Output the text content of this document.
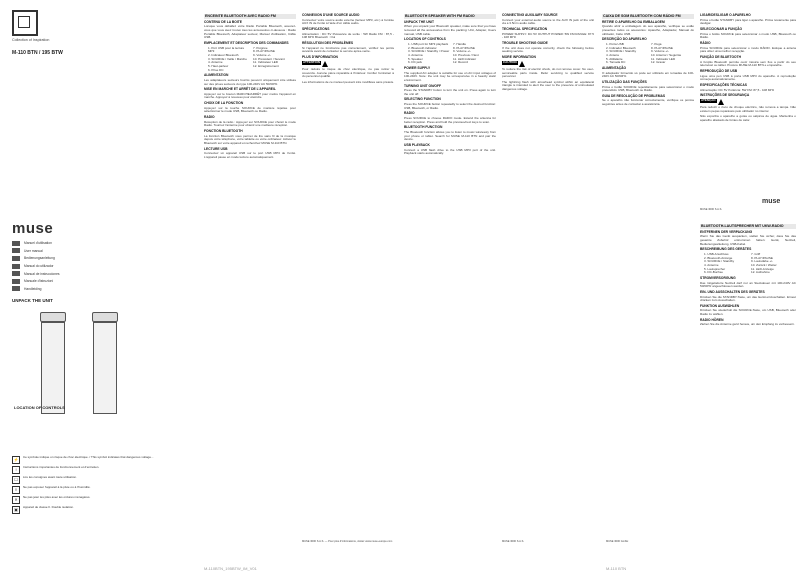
Collection of Inspiration
M-110 BTN / 195 BTW
muse
Manuel d'utilisation
User manual
Bedienungsanleitung
Manual do utilizador
Manual de instrucciones
Manuale d'istruzioni
Handleiding
UNPACK THE UNIT
LOCATION OF CONTROLS
⚡	Ce symbole indique un risque de choc électrique. / This symbol indicates that dangerous voltage...
!	Instructions importantes de fonctionnement et d'entretien.
☐	Lire les consignes avant toute utilisation.
◊	Ne pas exposer l'appareil à la pluie ou à l'humidité.
✕	Ne pas jeter les piles avec les ordures ménagères.
▣	Appareil de classe II. Double isolation.
ENCEINTE BLUETOOTH AVEC RADIO FM
CONTENU DE LA BOITE

Lorsque vous déballez votre Radio Portable Bluetooth, assurez-vous que vous avez trouvé tous les accessoires ci-dessous : Radio Portable Bluetooth, Adaptateur secteur, Manuel d'utilisation, Câble USB.

EMPLACEMENT ET DESCRIPTION DES COMMANDES
1. Port USB pour la lecture MP3
2. Indicateur Bluetooth
3. SOURCE / Veille / Marche
4. Antenne
5. Haut-parleur
6. Prise DC
7. Poignée
8. PLAY/PAUSE
9. Volume +/-
10. Précédent / Suivant
11. Indicateur LED
12. Enregistrement
ALIMENTATION

Les adaptateurs secteurs fournis peuvent uniquement être utilisés sur des prises secteurs du type 100-240V AC 50/60Hz.

MISE EN MARCHE ET ARRÊT DE L'APPAREIL

Appuyez sur le bouton MARCHE/ARRÊT pour mettre l'appareil en marche. Appuyez à nouveau pour éteindre.

CHOIX DE LA FONCTION

Appuyez sur la touche SOURCE de manière répétée pour sélectionner le mode USB, Bluetooth ou Radio.

RADIO

Réception de la radio : Appuyez sur SOURCE pour choisir le mode Radio. Tournez l'antenne pour obtenir une meilleure réception.

FONCTION BLUETOOTH

La fonction Bluetooth vous permet de lire sans fil de la musique depuis votre téléphone, votre tablette ou votre ordinateur. Activez le Bluetooth sur votre appareil et recherchez MUSE M-110 BTN.

LECTURE USB

Connectez un appareil USB sur le port USB MP3 de l'unité. L'appareil passe en mode lecture automatiquement.

CONNEXION D'UNE SOURCE AUDIO

Connectez votre source audio externe (lecteur MP3, etc.) à l'entrée AUX IN de l'unité à l'aide d'un câble audio.

SPÉCIFICATIONS

Alimentation : DC 5V Puissance de sortie : 5W Radio FM : 87,5 - 108 MHz Bluetooth : Oui

RÉSOLUTION DES PROBLÈMES

Si l'appareil ne fonctionne pas correctement, vérifiez les points suivants avant de contacter le service après-vente.

PLUS D'INFORMATION
ATTENTION

Pour réduire le risque de choc électrique, ne pas retirer le couvercle. Aucune pièce réparable à l'intérieur. Confier l'entretien à du personnel qualifié.

Les informations de ce manuel peuvent être modifiées sans préavis.

MUSE 3000 S.A.S. — Pour plus d'informations, visitez www.muse-europe.com
BLUETOOTH SPEAKER WITH FM RADIO
UNPACK THE UNIT

When you unpack your Bluetooth speaker, make sure that you have removed all the accessories from the packing: Unit, Adapter, Users manual, USB cable.

LOCATION OF CONTROLS
1. USB port for MP3 playback
2. Bluetooth indicator
3. SOURCE / Standby / Power
4. Antenna
5. Speaker
6. DC jack
7. Handle
8. PLAY/PAUSE
9. Volume +/-
10. Previous / Next
11. LED indicator
12. Record
POWER SUPPLY

The supplied AC adapter is suitable for use on AC input voltages of 100-240V. Note: the unit may be unresponsive in a heavily static environment.

TURNING UNIT ON/OFF

Press the STANDBY button to turn the unit on. Press again to turn the unit off.

SELECTING FUNCTION

Press the SOURCE button repeatedly to select the desired function: USB, Bluetooth, or Radio.

RADIO

Press SOURCE to choose RADIO mode. Extend the antenna for better reception. Press and hold the previous/next keys to scan.

BLUETOOTH FUNCTION

The Bluetooth function allows you to listen to music wirelessly from your phone or tablet. Search for MUSE M-110 BTN and pair the device.

USB PLAYBACK

Connect a USB flash drive to the USB MP3 port of the unit. Playback starts automatically.

CONNECTING AUXILIARY SOURCE

Connect your external audio source to the AUX IN jack of the unit via a 3.5mm audio cable.

TECHNICAL SPECIFICATION

POWER SUPPLY: DC 5V OUTPUT POWER: 5W FM RANGE: 87.5 - 108 MHz

TROUBLE SHOOTING GUIDE

If the unit does not operate correctly, check the following before seeking service.

MORE INFORMATION
CAUTION

To reduce the risk of electric shock, do not remove cover. No user-serviceable parts inside. Refer servicing to qualified service personnel.

The lightning flash with arrowhead symbol within an equilateral triangle is intended to alert the user to the presence of uninsulated dangerous voltage.

MUSE 3000 S.A.S.
M-110BTN_195BTW_IM_V01
CAIXA DE SOM BLUETOOTH COM RÁDIO FM
RETIRE O APARELHO DA EMBALAGEM

Quando abrir a embalagem do seu aparelho, verifique se estão presentes todos os acessórios: Aparelho, Adaptador, Manual do utilizador, Cabo USB.

DESCRIÇÃO DO APARELHO
1. Porta USB
2. Indicador Bluetooth
3. SOURCE / Standby
4. Antena
5. Altifalante
6. Tomada DC
7. Pega
8. PLAY/PAUSE
9. Volume +/-
10. Anterior / Seguinte
11. Indicador LED
12. Gravar
ALIMENTAÇÃO

O adaptador fornecido só pode ser utilizado em tomadas de 100-240V AC 50/60Hz.

UTILIZAÇÃO DAS FUNÇÕES

Prima o botão SOURCE repetidamente para seleccionar o modo pretendido: USB, Bluetooth ou Rádio.

GUIA DE RESOLUÇÃO DE PROBLEMAS

Se o aparelho não funcionar correctamente, verifique os pontos seguintes antes de contactar a assistência.

LIGAR/DESLIGAR O APARELHO

Prima o botão STANDBY para ligar o aparelho. Prima novamente para desligar.

SELECCIONAR A FUNÇÃO

Prima o botão SOURCE para seleccionar o modo USB, Bluetooth ou Rádio.

RÁDIO

Prima SOURCE para seleccionar o modo RÁDIO. Estique a antena para obter uma melhor recepção.

FUNÇÃO DE BLUETOOTH

A função Bluetooth permite ouvir música sem fios a partir do seu telemóvel ou tablet. Procure MUSE M-110 BTN e emparelhe.

REPRODUÇÃO DE USB

Ligue uma pen USB à porta USB MP3 do aparelho. A reprodução começa automaticamente.

ESPECIFICAÇÕES TÉCNICAS

Alimentação: DC 5V Potência: 5W FM: 87,5 - 108 MHz

INSTRUÇÕES DE SEGURANÇA
ATENÇÃO

Para reduzir o risco de choque eléctrico, não remova a tampa. Não existem peças reparáveis pelo utilizador no interior.

Não exponha o aparelho a gotas ou salpicos de água. Mantenha o aparelho afastado de fontes de calor.

muse
MUSE 3000 S.A.S.
BLUETOOTH-LAUTSPRECHER MIT UKW-RADIO
ENTFERNEN DER VERPACKUNG

Wenn Sie das Gerät auspacken, stellen Sie sicher, dass Sie das gesamte Zubehör entnommen haben: Gerät, Netzteil, Bedienungsanleitung, USB-Kabel.

BESCHREIBUNG DES GERÄTES
1. USB-Anschluss
2. Bluetooth-Anzeige
3. SOURCE / Standby
4. Antenne
5. Lautsprecher
6. DC-Buchse
7. Griff
8. PLAY/PAUSE
9. Lautstärke +/-
10. Zurück / Weiter
11. LED-Anzeige
12. Aufnahme
STROMVERSORGUNG

Das mitgelieferte Netzteil darf nur an Steckdosen mit 100-240V AC 50/60Hz angeschlossen werden.

EIN- UND AUSSCHALTEN DES GERÄTES

Drücken Sie die STANDBY-Taste, um das Gerät einzuschalten. Erneut drücken zum Ausschalten.

FUNKTION AUSWÄHLEN

Drücken Sie wiederholt die SOURCE-Taste, um USB, Bluetooth oder Radio zu wählen.

RADIO HÖREN

Ziehen Sie die Antenne ganz heraus, um den Empfang zu verbessern.

MUSE 3000 GmbH
M-110 BTN
